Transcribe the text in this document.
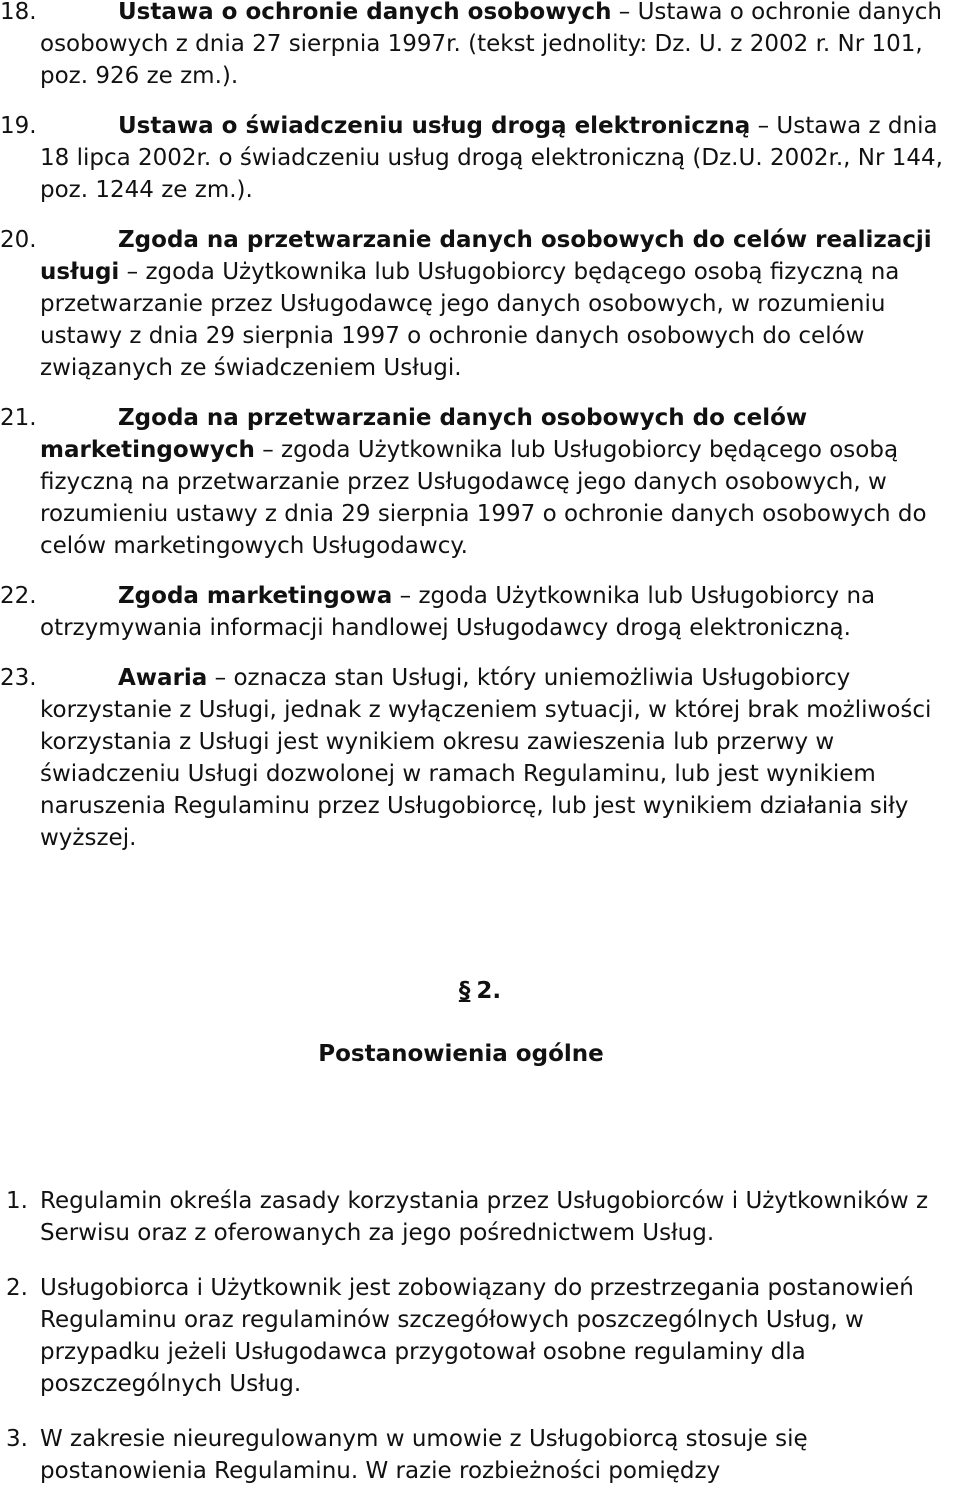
18.	Ustawa o ochronie danych osobowych – Ustawa o ochronie danych osobowych z dnia 27 sierpnia 1997r. (tekst jednolity: Dz. U. z 2002 r. Nr 101, poz. 926 ze zm.).

19.	Ustawa o świadczeniu usług drogą elektroniczną – Ustawa z dnia 18 lipca 2002r. o świadczeniu usług drogą elektroniczną (Dz.U. 2002r., Nr 144, poz. 1244 ze zm.).

20.	Zgoda na przetwarzanie danych osobowych do celów realizacji usługi – zgoda Użytkownika lub Usługobiorcy będącego osobą fizyczną na przetwarzanie przez Usługodawcę jego danych osobowych, w rozumieniu ustawy z dnia 29 sierpnia 1997 o ochronie danych osobowych do celów związanych ze świadczeniem Usługi.

21.	Zgoda na przetwarzanie danych osobowych do celów marketingowych – zgoda Użytkownika lub Usługobiorcy będącego osobą fizyczną na przetwarzanie przez Usługodawcę jego danych osobowych, w rozumieniu ustawy z dnia 29 sierpnia 1997 o ochronie danych osobowych do celów marketingowych Usługodawcy.

22.	Zgoda marketingowa – zgoda Użytkownika lub Usługobiorcy na otrzymywania informacji handlowej Usługodawcy drogą elektroniczną.

23.	Awaria – oznacza stan Usługi, który uniemożliwia Usługobiorcy korzystanie z Usługi, jednak z wyłączeniem sytuacji, w której brak możliwości korzystania z Usługi jest wynikiem okresu zawieszenia lub przerwy w świadczeniu Usługi dozwolonej w ramach Regulaminu, lub jest wynikiem naruszenia Regulaminu przez Usługobiorcę, lub jest wynikiem działania siły wyższej.

§ 2.
Postanowienia ogólne

1. Regulamin określa zasady korzystania przez Usługobiorców i Użytkowników z Serwisu oraz z oferowanych za jego pośrednictwem Usług.

2. Usługobiorca i Użytkownik jest zobowiązany do przestrzegania postanowień Regulaminu oraz regulaminów szczegółowych poszczególnych Usług, w przypadku jeżeli Usługodawca przygotował osobne regulaminy dla poszczególnych Usług.

3. W zakresie nieuregulowanym w umowie z Usługobiorcą stosuje się postanowienia Regulaminu. W razie rozbieżności pomiędzy
